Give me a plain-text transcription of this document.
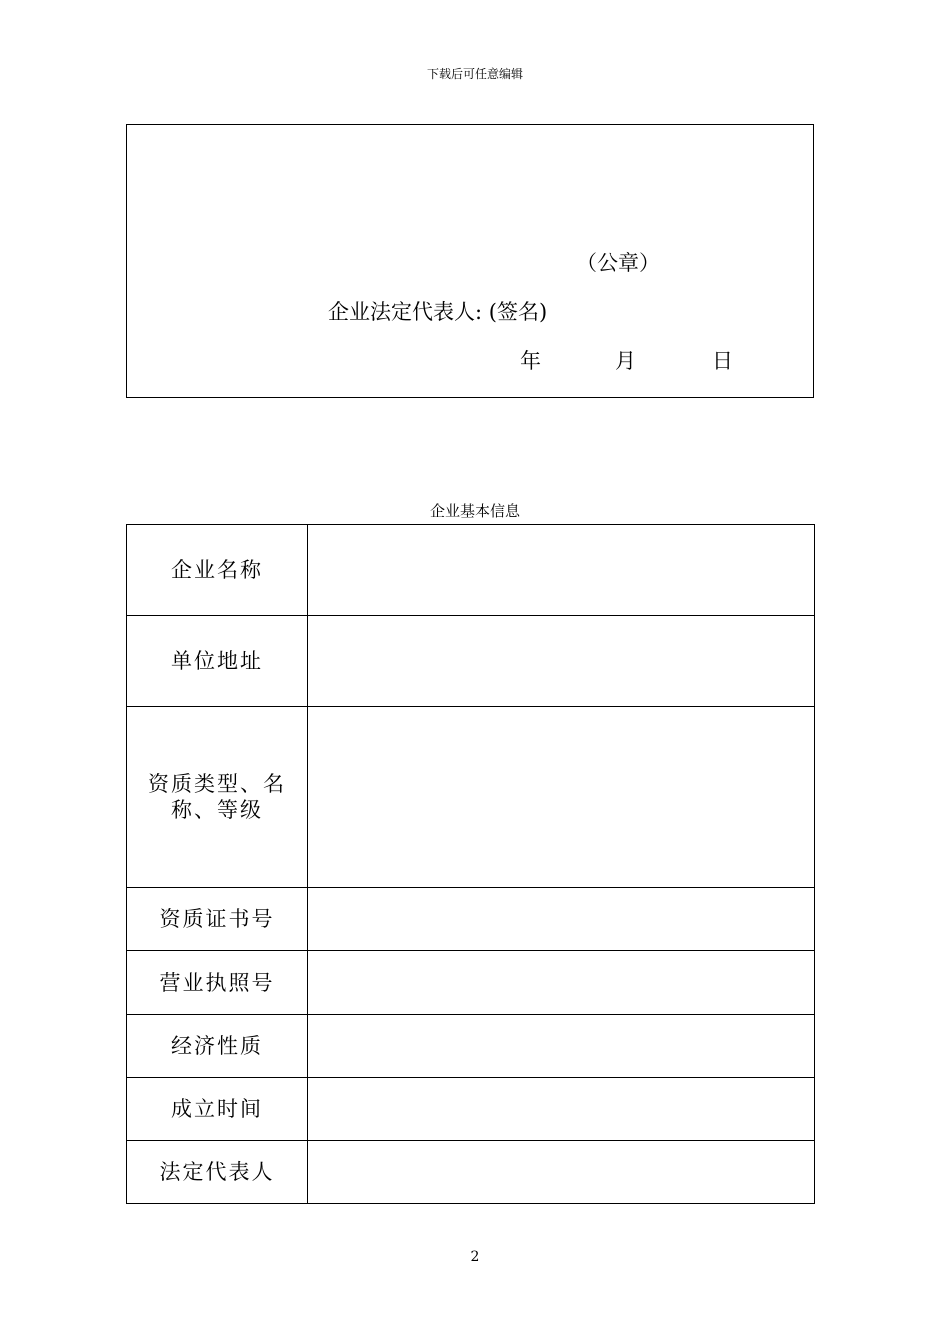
下载后可任意编辑
（公章）
企业法定代表人: (签名)
年	月	日
企业基本信息
企业名称	
单位地址	
资质类型、名称、等级	
资质证书号	
营业执照号	
经济性质	
成立时间	
法定代表人	
2
